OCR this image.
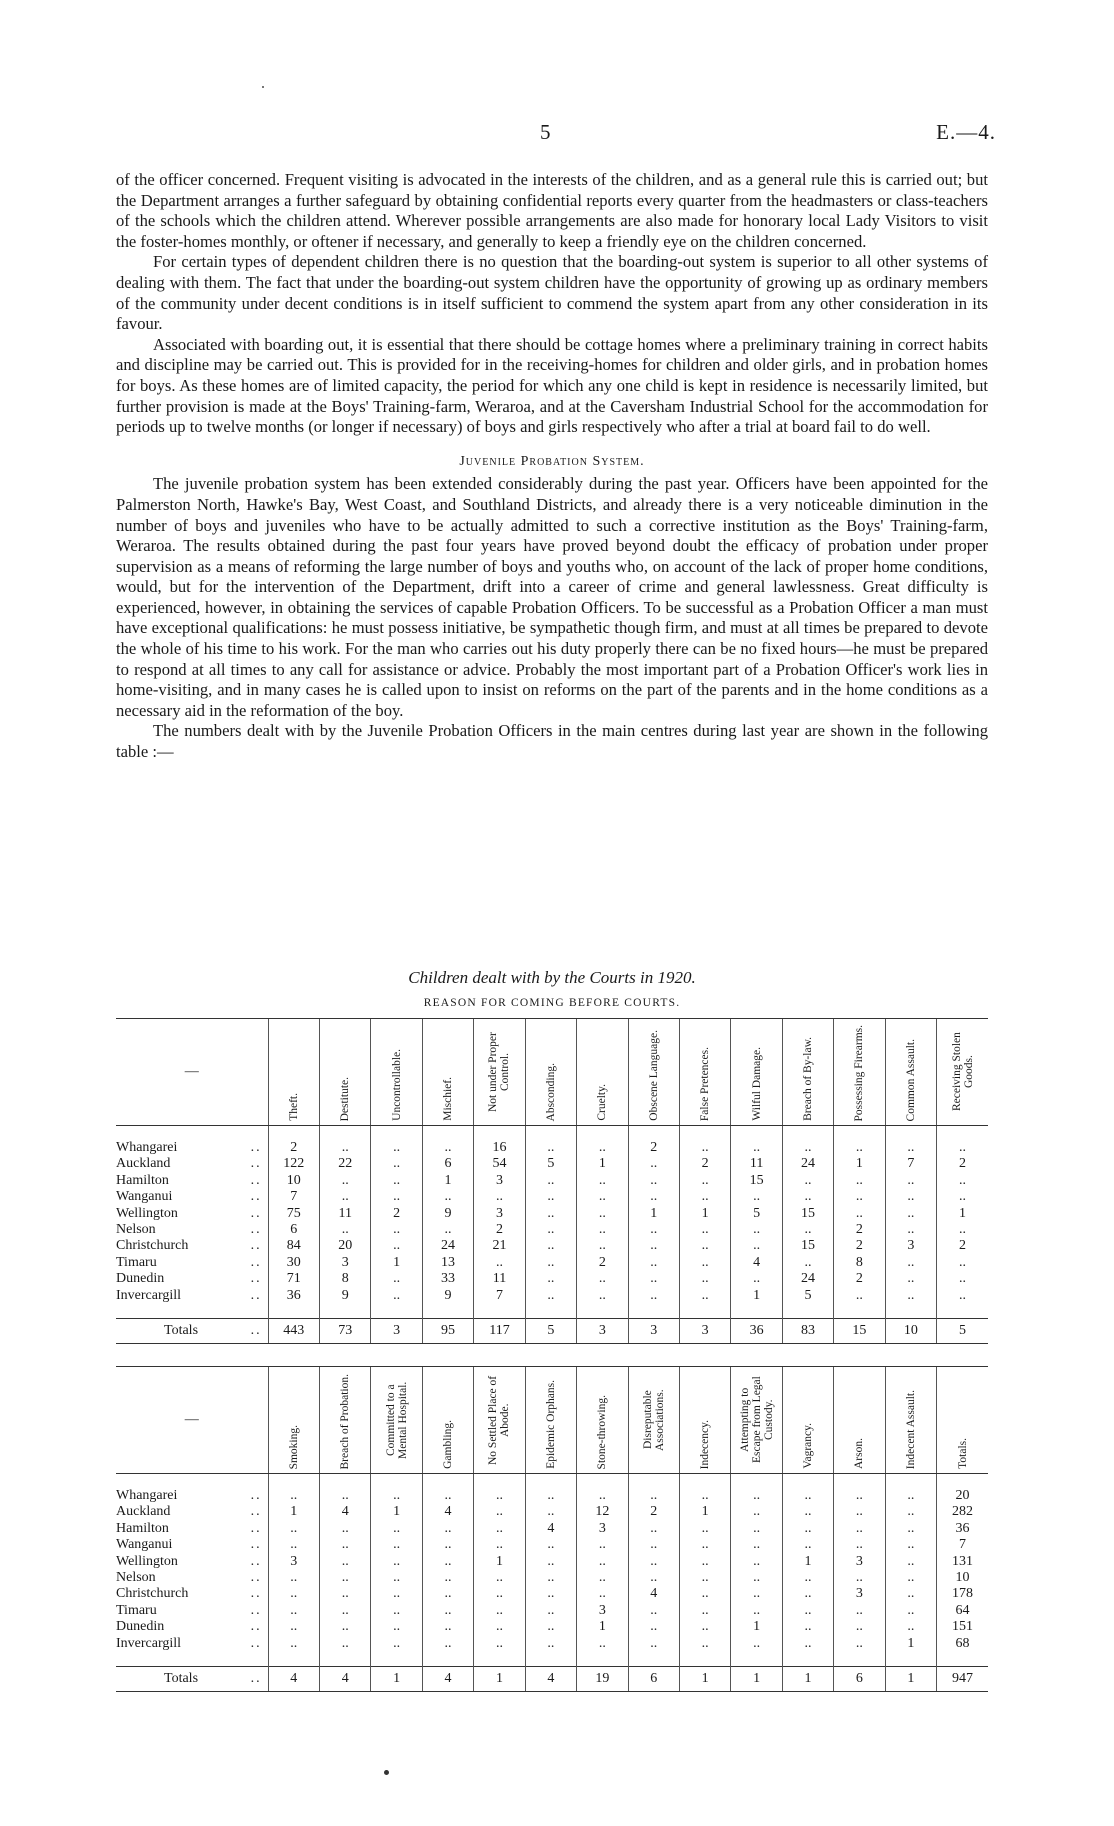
5	E.—4.

of the officer concerned. Frequent visiting is advocated in the interests of the children, and as a general rule this is carried out; but the Department arranges a further safeguard by obtaining confidential reports every quarter from the headmasters or class-teachers of the schools which the children attend. Wherever possible arrangements are also made for honorary local Lady Visitors to visit the foster-homes monthly, or oftener if necessary, and generally to keep a friendly eye on the children concerned.

For certain types of dependent children there is no question that the boarding-out system is superior to all other systems of dealing with them. The fact that under the boarding-out system children have the opportunity of growing up as ordinary members of the community under decent conditions is in itself sufficient to commend the system apart from any other consideration in its favour.

Associated with boarding out, it is essential that there should be cottage homes where a preliminary training in correct habits and discipline may be carried out. This is provided for in the receiving-homes for children and older girls, and in probation homes for boys. As these homes are of limited capacity, the period for which any one child is kept in residence is necessarily limited, but further provision is made at the Boys' Training-farm, Weraroa, and at the Caversham Industrial School for the accommodation for periods up to twelve months (or longer if necessary) of boys and girls respectively who after a trial at board fail to do well.

Juvenile Probation System.

The juvenile probation system has been extended considerably during the past year. Officers have been appointed for the Palmerston North, Hawke's Bay, West Coast, and Southland Districts, and already there is a very noticeable diminution in the number of boys and juveniles who have to be actually admitted to such a corrective institution as the Boys' Training-farm, Weraroa. The results obtained during the past four years have proved beyond doubt the efficacy of probation under proper supervision as a means of reforming the large number of boys and youths who, on account of the lack of proper home conditions, would, but for the intervention of the Department, drift into a career of crime and general lawlessness. Great difficulty is experienced, however, in obtaining the services of capable Probation Officers. To be successful as a Probation Officer a man must have exceptional qualifications: he must possess initiative, be sympathetic though firm, and must at all times be prepared to devote the whole of his time to his work. For the man who carries out his duty properly there can be no fixed hours—he must be prepared to respond at all times to any call for assistance or advice. Probably the most important part of a Probation Officer's work lies in home-visiting, and in many cases he is called upon to insist on reforms on the part of the parents and in the home conditions as a necessary aid in the reformation of the boy.

The numbers dealt with by the Juvenile Probation Officers in the main centres during last year are shown in the following table :—

Children dealt with by the Courts in 1920.
REASON FOR COMING BEFORE COURTS.
—	Theft.	Destitute.	Uncontrollable.	Mischief.	Not under Proper Control.	Absconding.	Cruelty.	Obscene Language.	False Pretences.	Wilful Damage.	Breach of By-law.	Possessing Firearms.	Common Assault.	Receiving Stolen Goods.

Whangarei ..	2	..	..	..	16	..	..	2	..	..	..	..	..	..
Auckland ..	122	22	..	6	54	5	1	..	2	11	24	1	7	2
Hamilton ..	10	..	..	1	3	..	..	..	..	15	..	..	..	..
Wanganui ..	7	..	..	..	..	..	..	..	..	..	..	..	..	..
Wellington ..	75	11	2	9	3	..	..	1	1	5	15	..	..	1
Nelson ..	6	..	..	..	2	..	..	..	..	..	..	2	..	..
Christchurch ..	84	20	..	24	21	..	..	..	..	..	15	2	3	2
Timaru ..	30	3	1	13	..	..	2	..	..	4	..	8	..	..
Dunedin ..	71	8	..	33	11	..	..	..	..	..	24	2	..	..
Invercargill ..	36	9	..	9	7	..	..	..	..	1	5	..	..	..

Totals ..	443	73	3	95	117	5	3	3	3	36	83	15	10	5
—	Smoking.	Breach of Probation.	Committed to a Mental Hospital.	Gambling.	No Settled Place of Abode.	Epidemic Orphans.	Stone-throwing.	Disreputable Associations.	Indecency.	Attempting to Escape from Legal Custody.	Vagrancy.	Arson.	Indecent Assault.	Totals.

Whangarei ..	..	..	..	..	..	..	..	..	..	..	..	..	..	20
Auckland ..	1	4	1	4	..	..	12	2	1	..	..	..	..	282
Hamilton ..	..	..	..	..	..	4	3	..	..	..	..	..	..	36
Wanganui ..	..	..	..	..	..	..	..	..	..	..	..	..	..	7
Wellington ..	3	..	..	..	1	..	..	..	..	..	1	3	..	131
Nelson ..	..	..	..	..	..	..	..	..	..	..	..	..	..	10
Christchurch ..	..	..	..	..	..	..	..	4	..	..	..	3	..	178
Timaru ..	..	..	..	..	..	..	3	..	..	..	..	..	..	64
Dunedin ..	..	..	..	..	..	..	1	..	..	1	..	..	..	151
Invercargill ..	..	..	..	..	..	..	..	..	..	..	..	..	1	68

Totals ..	4	4	1	4	1	4	19	6	1	1	1	6	1	947
